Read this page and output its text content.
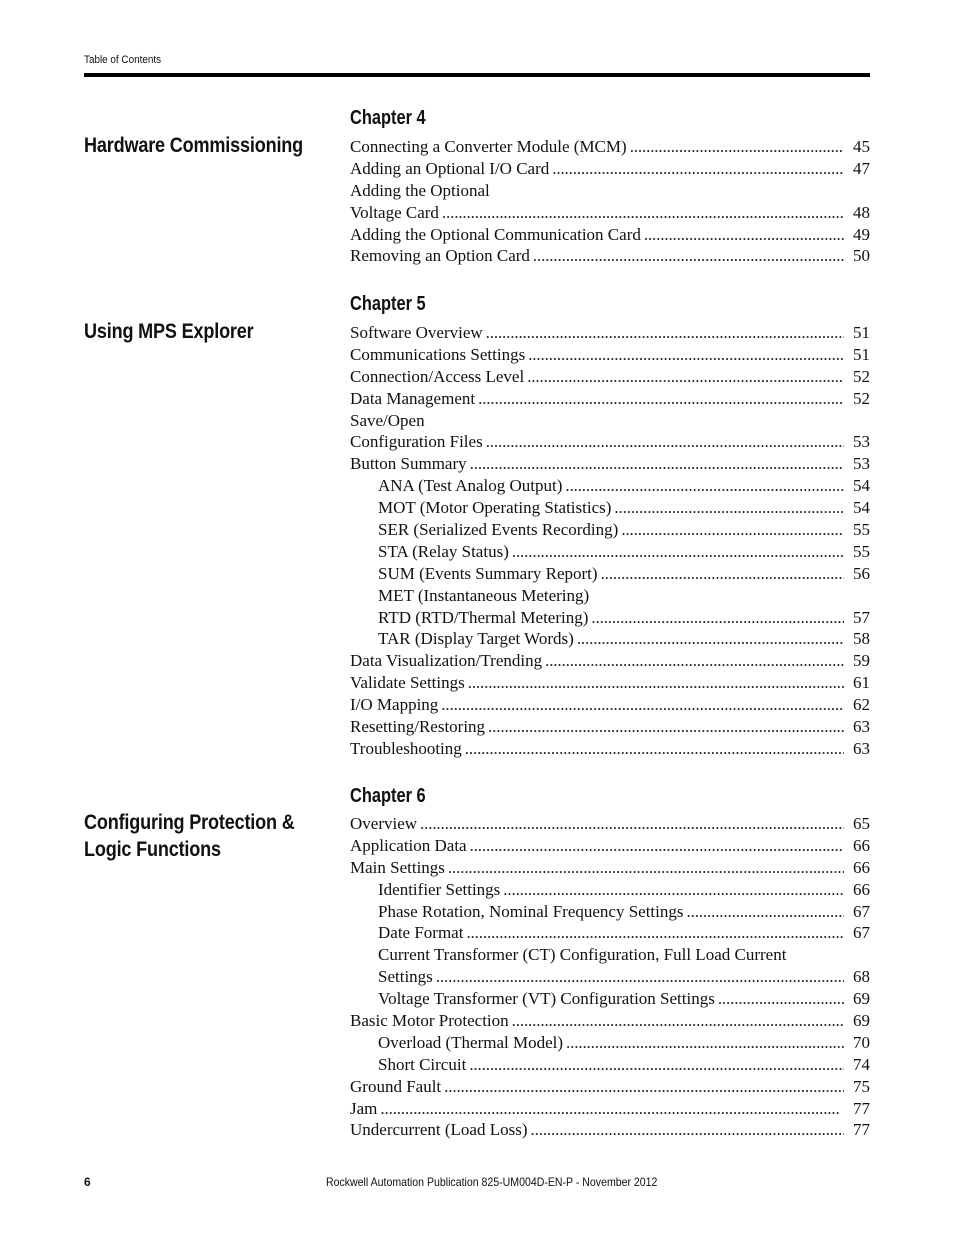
Table of Contents
Chapter 4
Hardware Commissioning	Connecting a Converter Module (MCM) . . .	45
Adding an Optional I/O Card . . .	47
Adding the Optional
Voltage Card . . .	48
Adding the Optional Communication Card . . .	49
Removing an Option Card . . .	50
Chapter 5
Using MPS Explorer	Software Overview . . .	51
Communications Settings . . .	51
Connection/Access Level . . .	52
Data Management . . .	52
Save/Open
Configuration Files . . .	53
Button Summary . . .	53
ANA (Test Analog Output) . . .	54
MOT (Motor Operating Statistics) . . .	54
SER (Serialized Events Recording) . . .	55
STA (Relay Status) . . .	55
SUM (Events Summary Report) . . .	56
MET (Instantaneous Metering)
RTD (RTD/Thermal Metering) . . .	57
TAR (Display Target Words) . . .	58
Data Visualization/Trending . . .	59
Validate Settings . . .	61
I/O Mapping . . .	62
Resetting/Restoring . . .	63
Troubleshooting . . .	63
Chapter 6
Configuring Protection & Logic Functions
Overview . . .	65
Application Data . . .	66
Main Settings . . .	66
Identifier Settings . . .	66
Phase Rotation, Nominal Frequency Settings . . .	67
Date Format . . .	67
Current Transformer (CT) Configuration, Full Load Current
Settings . . .	68
Voltage Transformer (VT) Configuration Settings . . .	69
Basic Motor Protection . . .	69
Overload (Thermal Model) . . .	70
Short Circuit . . .	74
Ground Fault . . .	75
Jam . . .	77
Undercurrent (Load Loss) . . .	77
6	Rockwell Automation Publication 825-UM004D-EN-P - November 2012
